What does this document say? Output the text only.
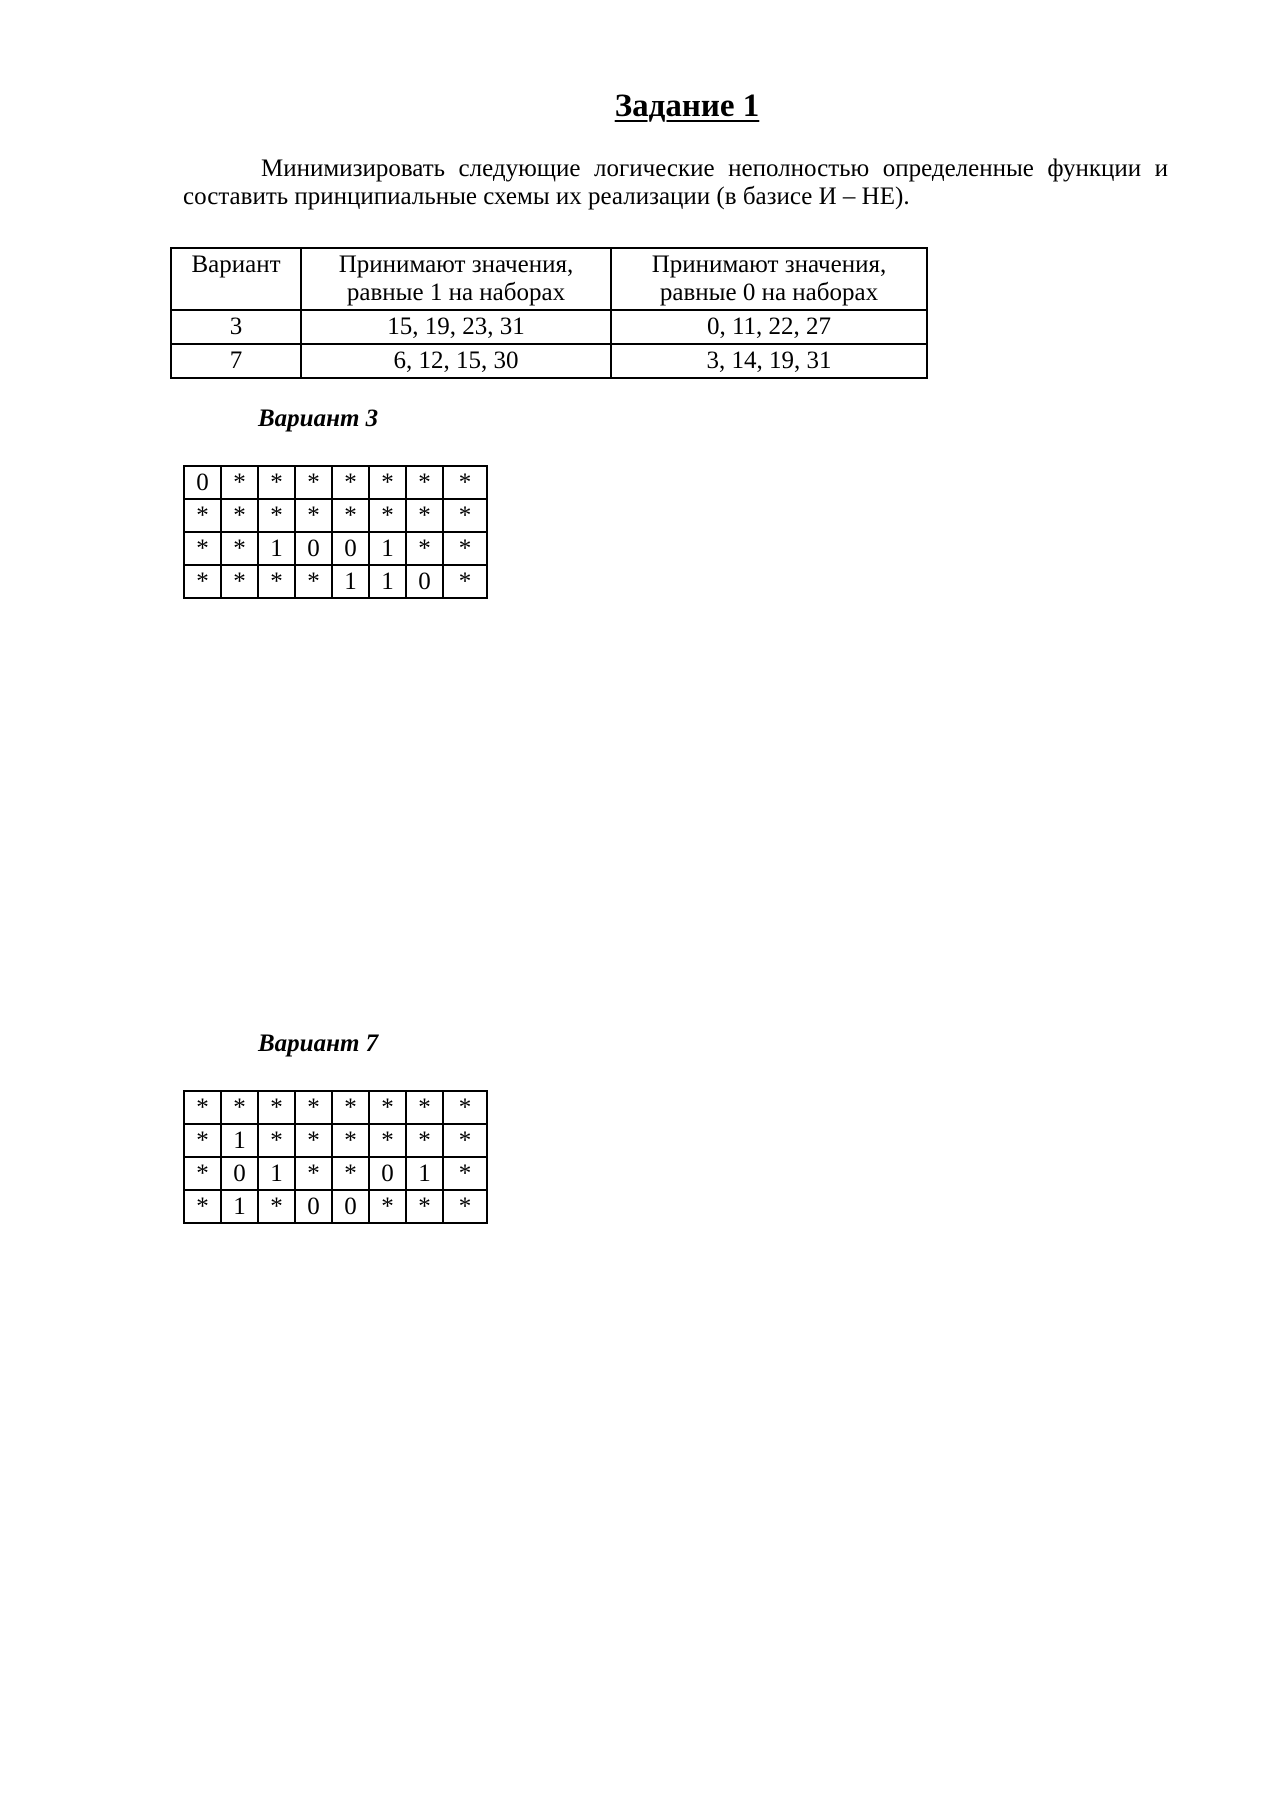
Задание 1
Минимизировать следующие логические неполностью определенные функции и составить принципиальные схемы их реализации (в базисе И – НЕ).
Вариант	Принимают значения, равные 1 на наборах	Принимают значения, равные 0 на наборах
3	15, 19, 23, 31	0, 11, 22, 27
7	6, 12, 15, 30	3, 14, 19, 31
Вариант 3
0	*	*	*	*	*	*	*
*	*	*	*	*	*	*	*
*	*	1	0	0	1	*	*
*	*	*	*	1	1	0	*
Вариант 7
*	*	*	*	*	*	*	*
*	1	*	*	*	*	*	*
*	0	1	*	*	0	1	*
*	1	*	0	0	*	*	*
